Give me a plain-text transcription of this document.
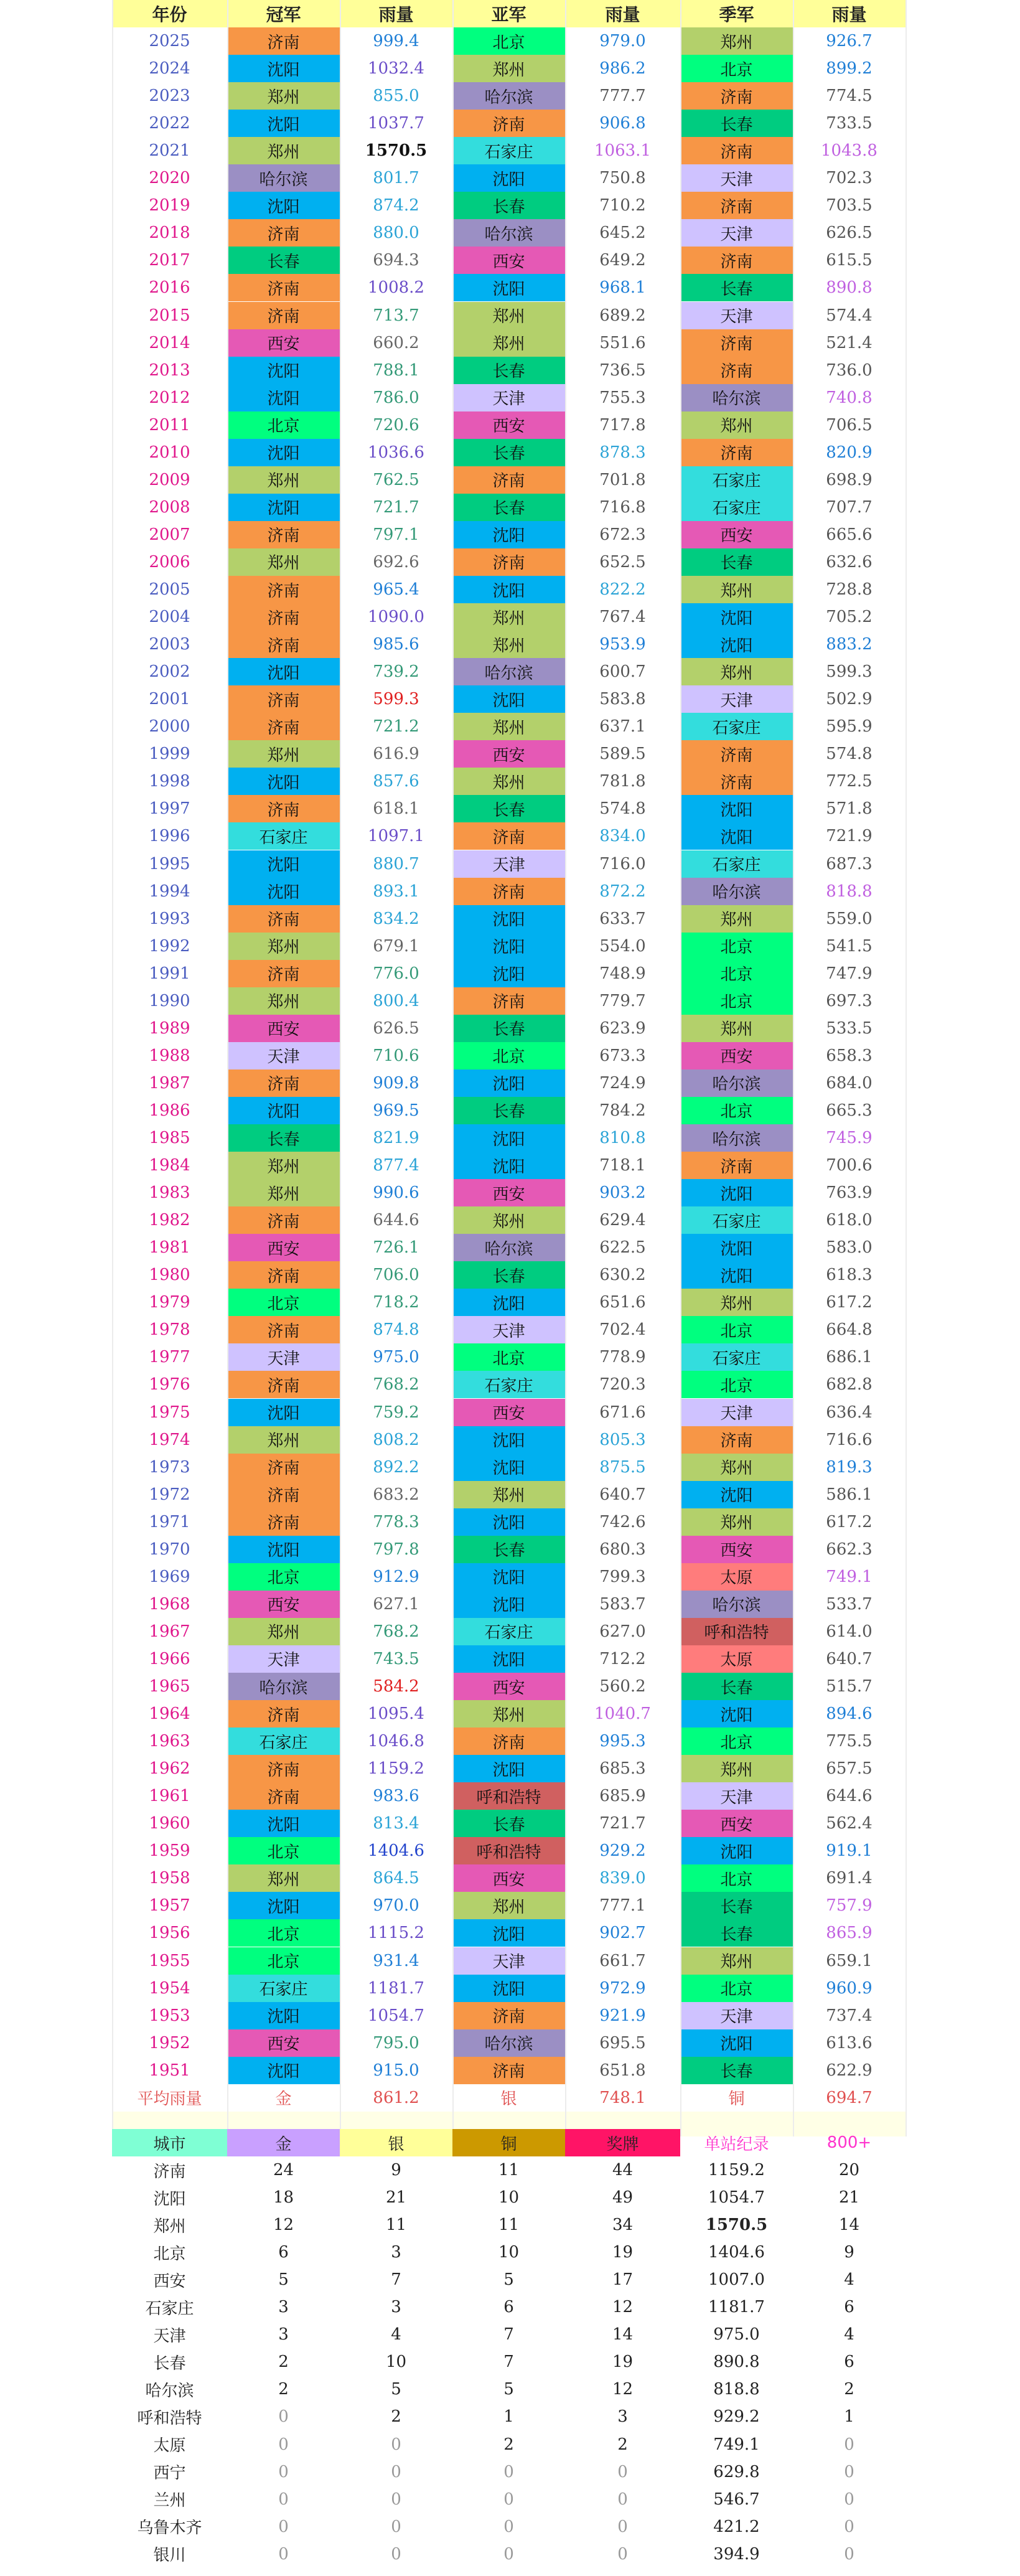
年份	冠军	雨量	亚军	雨量	季军	雨量
2025	济南	999.4	北京	979.0	郑州	926.7
2024	沈阳	1032.4	郑州	986.2	北京	899.2
2023	郑州	855.0	哈尔滨	777.7	济南	774.5
2022	沈阳	1037.7	济南	906.8	长春	733.5
2021	郑州	1570.5	石家庄	1063.1	济南	1043.8
2020	哈尔滨	801.7	沈阳	750.8	天津	702.3
2019	沈阳	874.2	长春	710.2	济南	703.5
2018	济南	880.0	哈尔滨	645.2	天津	626.5
2017	长春	694.3	西安	649.2	济南	615.5
2016	济南	1008.2	沈阳	968.1	长春	890.8
2015	济南	713.7	郑州	689.2	天津	574.4
2014	西安	660.2	郑州	551.6	济南	521.4
2013	沈阳	788.1	长春	736.5	济南	736.0
2012	沈阳	786.0	天津	755.3	哈尔滨	740.8
2011	北京	720.6	西安	717.8	郑州	706.5
2010	沈阳	1036.6	长春	878.3	济南	820.9
2009	郑州	762.5	济南	701.8	石家庄	698.9
2008	沈阳	721.7	长春	716.8	石家庄	707.7
2007	济南	797.1	沈阳	672.3	西安	665.6
2006	郑州	692.6	济南	652.5	长春	632.6
2005	济南	965.4	沈阳	822.2	郑州	728.8
2004	济南	1090.0	郑州	767.4	沈阳	705.2
2003	济南	985.6	郑州	953.9	沈阳	883.2
2002	沈阳	739.2	哈尔滨	600.7	郑州	599.3
2001	济南	599.3	沈阳	583.8	天津	502.9
2000	济南	721.2	郑州	637.1	石家庄	595.9
1999	郑州	616.9	西安	589.5	济南	574.8
1998	沈阳	857.6	郑州	781.8	济南	772.5
1997	济南	618.1	长春	574.8	沈阳	571.8
1996	石家庄	1097.1	济南	834.0	沈阳	721.9
1995	沈阳	880.7	天津	716.0	石家庄	687.3
1994	沈阳	893.1	济南	872.2	哈尔滨	818.8
1993	济南	834.2	沈阳	633.7	郑州	559.0
1992	郑州	679.1	沈阳	554.0	北京	541.5
1991	济南	776.0	沈阳	748.9	北京	747.9
1990	郑州	800.4	济南	779.7	北京	697.3
1989	西安	626.5	长春	623.9	郑州	533.5
1988	天津	710.6	北京	673.3	西安	658.3
1987	济南	909.8	沈阳	724.9	哈尔滨	684.0
1986	沈阳	969.5	长春	784.2	北京	665.3
1985	长春	821.9	沈阳	810.8	哈尔滨	745.9
1984	郑州	877.4	沈阳	718.1	济南	700.6
1983	郑州	990.6	西安	903.2	沈阳	763.9
1982	济南	644.6	郑州	629.4	石家庄	618.0
1981	西安	726.1	哈尔滨	622.5	沈阳	583.0
1980	济南	706.0	长春	630.2	沈阳	618.3
1979	北京	718.2	沈阳	651.6	郑州	617.2
1978	济南	874.8	天津	702.4	北京	664.8
1977	天津	975.0	北京	778.9	石家庄	686.1
1976	济南	768.2	石家庄	720.3	北京	682.8
1975	沈阳	759.2	西安	671.6	天津	636.4
1974	郑州	808.2	沈阳	805.3	济南	716.6
1973	济南	892.2	沈阳	875.5	郑州	819.3
1972	济南	683.2	郑州	640.7	沈阳	586.1
1971	济南	778.3	沈阳	742.6	郑州	617.2
1970	沈阳	797.8	长春	680.3	西安	662.3
1969	北京	912.9	沈阳	799.3	太原	749.1
1968	西安	627.1	沈阳	583.7	哈尔滨	533.7
1967	郑州	768.2	石家庄	627.0	呼和浩特	614.0
1966	天津	743.5	沈阳	712.2	太原	640.7
1965	哈尔滨	584.2	西安	560.2	长春	515.7
1964	济南	1095.4	郑州	1040.7	沈阳	894.6
1963	石家庄	1046.8	济南	995.3	北京	775.5
1962	济南	1159.2	沈阳	685.3	郑州	657.5
1961	济南	983.6	呼和浩特	685.9	天津	644.6
1960	沈阳	813.4	长春	721.7	西安	562.4
1959	北京	1404.6	呼和浩特	929.2	沈阳	919.1
1958	郑州	864.5	西安	839.0	北京	691.4
1957	沈阳	970.0	郑州	777.1	长春	757.9
1956	北京	1115.2	沈阳	902.7	长春	865.9
1955	北京	931.4	天津	661.7	郑州	659.1
1954	石家庄	1181.7	沈阳	972.9	北京	960.9
1953	沈阳	1054.7	济南	921.9	天津	737.4
1952	西安	795.0	哈尔滨	695.5	沈阳	613.6
1951	沈阳	915.0	济南	651.8	长春	622.9
平均雨量	金	861.2	银	748.1	铜	694.7
城市	金	银	铜	奖牌	单站纪录	800+
济南	24	9	11	44	1159.2	20
沈阳	18	21	10	49	1054.7	21
郑州	12	11	11	34	1570.5	14
北京	6	3	10	19	1404.6	9
西安	5	7	5	17	1007.0	4
石家庄	3	3	6	12	1181.7	6
天津	3	4	7	14	975.0	4
长春	2	10	7	19	890.8	6
哈尔滨	2	5	5	12	818.8	2
呼和浩特	0	2	1	3	929.2	1
太原	0	0	2	2	749.1	0
西宁	0	0	0	0	629.8	0
兰州	0	0	0	0	546.7	0
乌鲁木齐	0	0	0	0	421.2	0
银川	0	0	0	0	394.9	0
